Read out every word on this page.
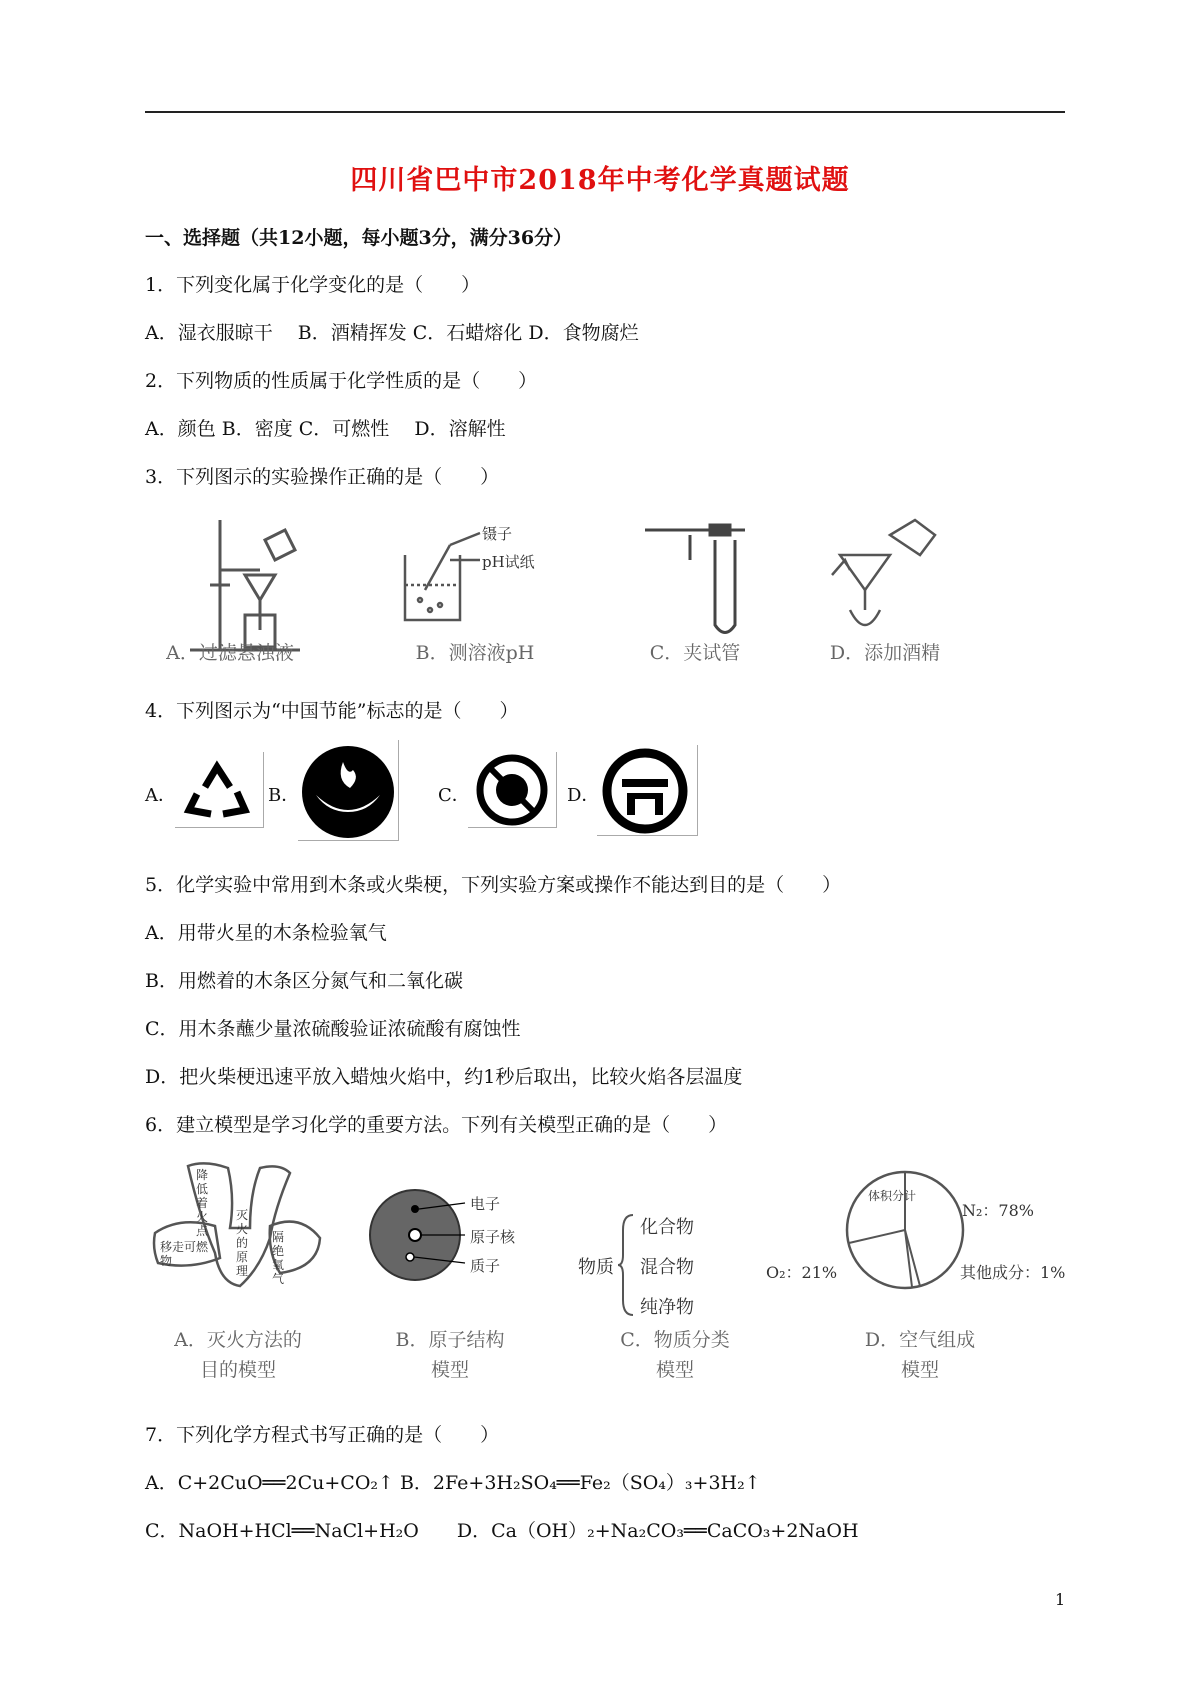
四川省巴中市2018年中考化学真题试题
一、选择题（共12小题，每小题3分，满分36分）
1．下列变化属于化学变化的是（　　）
A．湿衣服晾干　 B．酒精挥发 C．石蜡熔化 D．食物腐烂
2．下列物质的性质属于化学性质的是（　　）
A．颜色 B．密度 C．可燃性　 D．溶解性
3．下列图示的实验操作正确的是（　　）
A．过滤悬浊液
镊子
pH试纸
B．测溶液pH	C．夹试管	D．添加酒精
4．下列图示为“中国节能”标志的是（　　）
A．	B．	C．	D．
5．化学实验中常用到木条或火柴梗，下列实验方案或操作不能达到目的是（　　）
A．用带火星的木条检验氧气
B．用燃着的木条区分氮气和二氧化碳
C．用木条蘸少量浓硫酸验证浓硫酸有腐蚀性
D．把火柴梗迅速平放入蜡烛火焰中，约1秒后取出，比较火焰各层温度
6．建立模型是学习化学的重要方法。下列有关模型正确的是（　　）
降低着火点	隔绝氧气
移走可燃物
灭火的原理
A．灭火方法的
目的模型
电子
原子核
质子
B．原子结构
模型
物质
化合物
混合物
纯净物
C．物质分类
模型
体积分计
N₂：78%
O₂：21%	其他成分：1%
D．空气组成
模型
7．下列化学方程式书写正确的是（　　）
A．C+2CuO══2Cu+CO₂↑ B．2Fe+3H₂SO₄══Fe₂（SO₄）₃+3H₂↑
C．NaOH+HCl══NaCl+H₂O　　D．Ca（OH）₂+Na₂CO₃══CaCO₃+2NaOH
1
